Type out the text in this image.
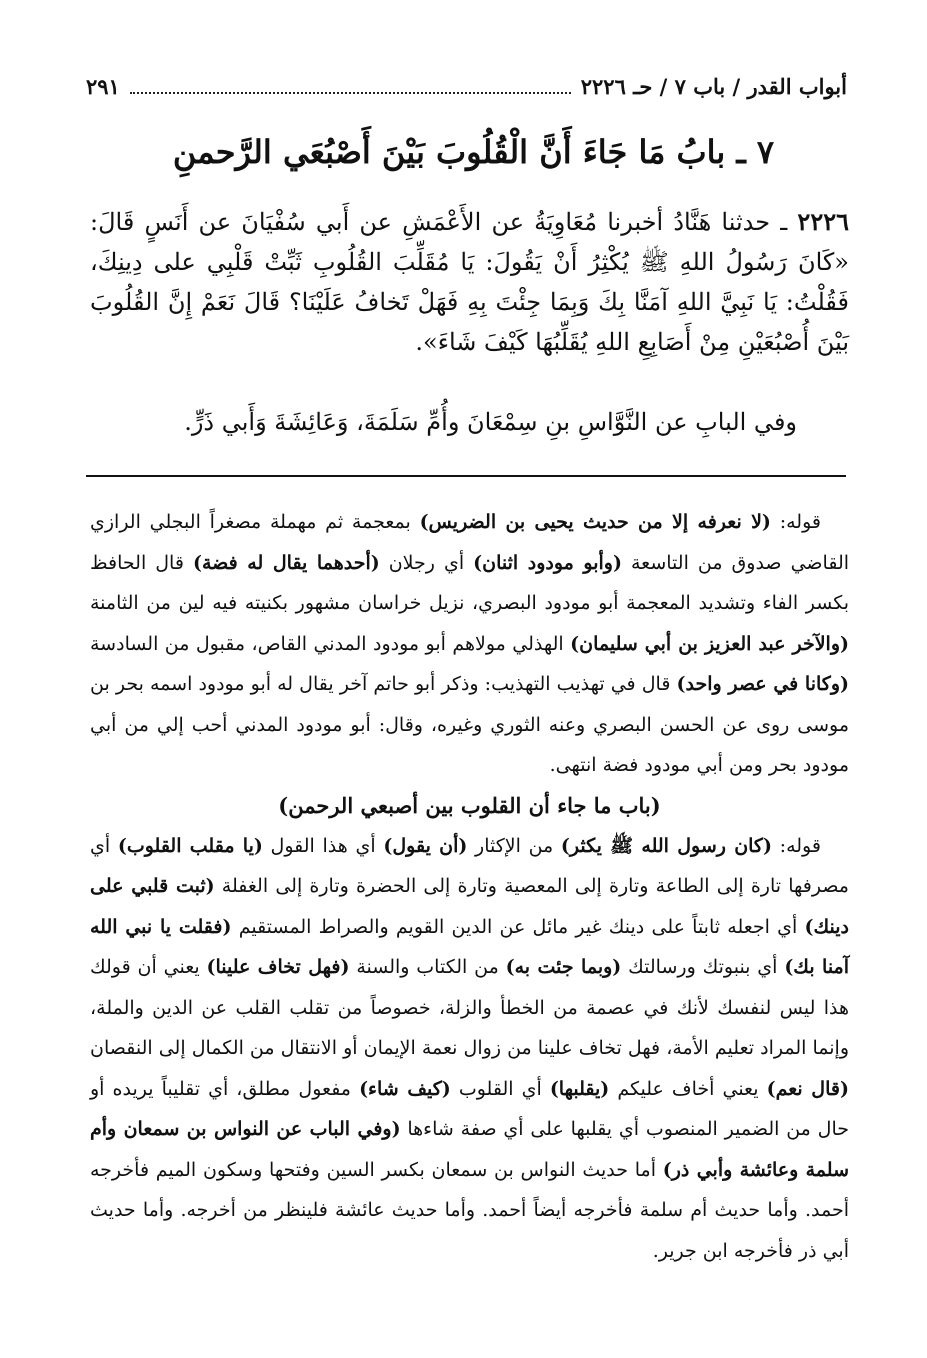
أبواب القدر / باب ٧ / حـ ٢٢٢٦
٢٩١
٧ ـ بابُ مَا جَاءَ أَنَّ الْقُلُوبَ بَيْنَ أَصْبُعَي الرَّحمنِ

٢٢٢٦ ـ حدثنا هَنَّادُ أخبرنا مُعَاوِيَةُ عن الأَعْمَشِ عن أَبي سُفْيَانَ عن أَنَسٍ قَالَ: «كَانَ رَسُولُ اللهِ ﷺ يُكْثِرُ أَنْ يَقُولَ: يَا مُقَلِّبَ القُلُوبِ ثَبِّتْ قَلْبِي على دِينِكَ، فَقُلْتُ: يَا نَبِيَّ اللهِ آمَنَّا بِكَ وَبِمَا جِئْتَ بِهِ فَهَلْ تَخافُ عَلَيْنَا؟ قَالَ نَعَمْ إِنَّ القُلُوبَ بَيْنَ أُصْبُعَيْنِ مِنْ أَصَابِعِ اللهِ يُقَلِّبُهَا كَيْفَ شَاءَ».

وفي البابِ عن النَّوَّاسِ بنِ سِمْعَانَ وأُمِّ سَلَمَةَ، وَعَائِشَةَ وَأَبي ذَرٍّ.

قوله: (لا نعرفه إلا من حديث يحيى بن الضريس) بمعجمة ثم مهملة مصغراً البجلي الرازي القاضي صدوق من التاسعة (وأبو مودود اثنان) أي رجلان (أحدهما يقال له فضة) قال الحافظ بكسر الفاء وتشديد المعجمة أبو مودود البصري، نزيل خراسان مشهور بكنيته فيه لين من الثامنة (والآخر عبد العزيز بن أبي سليمان) الهذلي مولاهم أبو مودود المدني القاص، مقبول من السادسة (وكانا في عصر واحد) قال في تهذيب التهذيب: وذكر أبو حاتم آخر يقال له أبو مودود اسمه بحر بن موسى روى عن الحسن البصري وعنه الثوري وغيره، وقال: أبو مودود المدني أحب إلي من أبي مودود بحر ومن أبي مودود فضة انتهى.

(باب ما جاء أن القلوب بين أصبعي الرحمن)

قوله: (كان رسول الله ﷺ يكثر) من الإكثار (أن يقول) أي هذا القول (يا مقلب القلوب) أي مصرفها تارة إلى الطاعة وتارة إلى المعصية وتارة إلى الحضرة وتارة إلى الغفلة (ثبت قلبي على دينك) أي اجعله ثابتاً على دينك غير مائل عن الدين القويم والصراط المستقيم (فقلت يا نبي الله آمنا بك) أي بنبوتك ورسالتك (وبما جئت به) من الكتاب والسنة (فهل تخاف علينا) يعني أن قولك هذا ليس لنفسك لأنك في عصمة من الخطأ والزلة، خصوصاً من تقلب القلب عن الدين والملة، وإنما المراد تعليم الأمة، فهل تخاف علينا من زوال نعمة الإيمان أو الانتقال من الكمال إلى النقصان (قال نعم) يعني أخاف عليكم (يقلبها) أي القلوب (كيف شاء) مفعول مطلق، أي تقليباً يريده أو حال من الضمير المنصوب أي يقلبها على أي صفة شاءها (وفي الباب عن النواس بن سمعان وأم سلمة وعائشة وأبي ذر) أما حديث النواس بن سمعان بكسر السين وفتحها وسكون الميم فأخرجه أحمد. وأما حديث أم سلمة فأخرجه أيضاً أحمد. وأما حديث عائشة فلينظر من أخرجه. وأما حديث أبي ذر فأخرجه ابن جرير.
